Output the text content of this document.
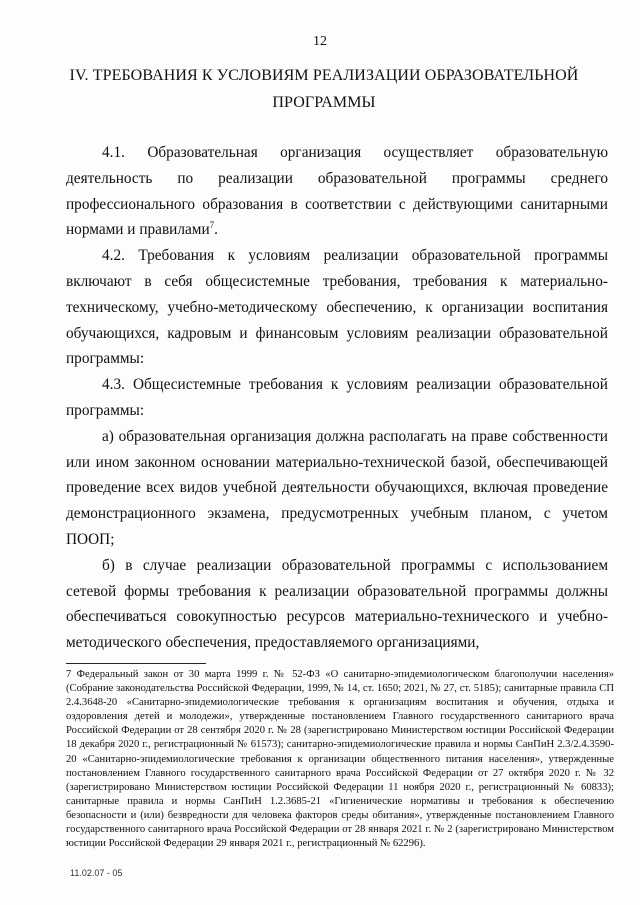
12
IV. ТРЕБОВАНИЯ К УСЛОВИЯМ РЕАЛИЗАЦИИ ОБРАЗОВАТЕЛЬНОЙ ПРОГРАММЫ

4.1. Образовательная организация осуществляет образовательную деятельность по реализации образовательной программы среднего профессионального образования в соответствии с действующими санитарными нормами и правилами$^7$.

4.2. Требования к условиям реализации образовательной программы включают в себя общесистемные требования, требования к материально-техническому, учебно-методическому обеспечению, к организации воспитания обучающихся, кадровым и финансовым условиям реализации образовательной программы:

4.3. Общесистемные требования к условиям реализации образовательной программы:

а) образовательная организация должна располагать на праве собственности или ином законном основании материально-технической базой, обеспечивающей проведение всех видов учебной деятельности обучающихся, включая проведение демонстрационного экзамена, предусмотренных учебным планом, с учетом ПООП;

б) в случае реализации образовательной программы с использованием сетевой формы требования к реализации образовательной программы должны обеспечиваться совокупностью ресурсов материально-технического и учебно-методического обеспечения, предоставляемого организациями,

7 Федеральный закон от 30 марта 1999 г. № 52-ФЗ «О санитарно-эпидемиологическом благополучии населения» (Собрание законодательства Российской Федерации, 1999, № 14, ст. 1650; 2021, № 27, ст. 5185); санитарные правила СП 2.4.3648-20 «Санитарно-эпидемиологические требования к организациям воспитания и обучения, отдыха и оздоровления детей и молодежи», утвержденные постановлением Главного государственного санитарного врача Российской Федерации от 28 сентября 2020 г. № 28 (зарегистрировано Министерством юстиции Российской Федерации 18 декабря 2020 г., регистрационный № 61573); санитарно-эпидемиологические правила и нормы СанПиН 2.3/2.4.3590-20 «Санитарно-эпидемиологические требования к организации общественного питания населения», утвержденные постановлением Главного государственного санитарного врача Российской Федерации от 27 октября 2020 г. № 32 (зарегистрировано Министерством юстиции Российской Федерации 11 ноября 2020 г., регистрационный № 60833); санитарные правила и нормы СанПиН 1.2.3685-21 «Гигиенические нормативы и требования к обеспечению безопасности и (или) безвредности для человека факторов среды обитания», утвержденные постановлением Главного государственного санитарного врача Российской Федерации от 28 января 2021 г. № 2 (зарегистрировано Министерством юстиции Российской Федерации 29 января 2021 г., регистрационный № 62296).
11.02.07 - 05
